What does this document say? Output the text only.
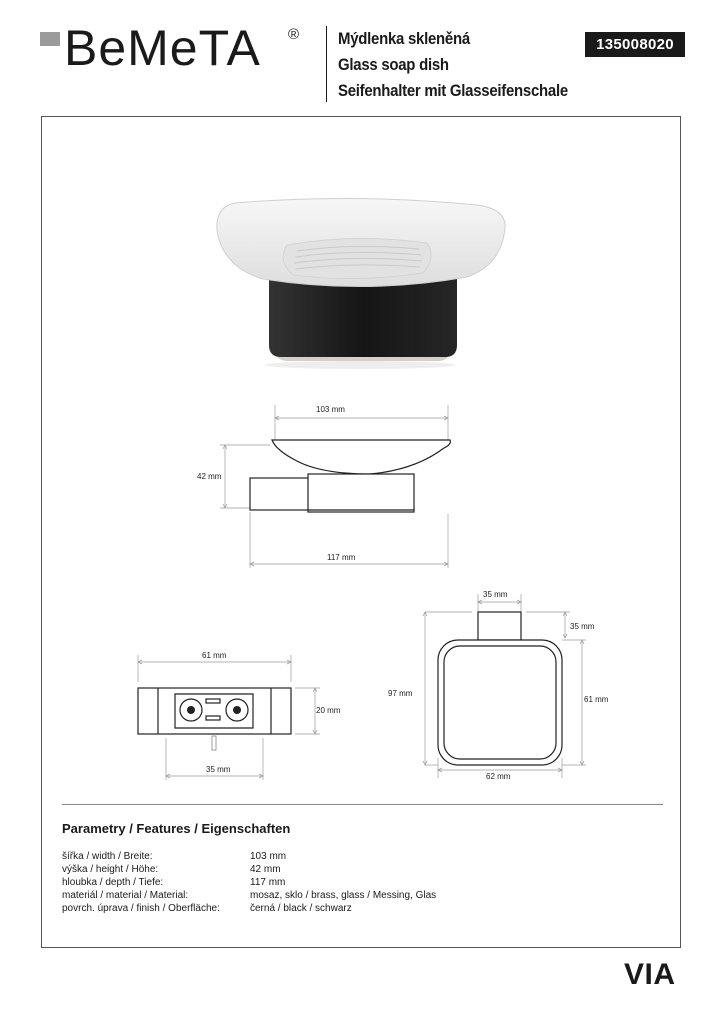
BeMeTA ® Mýdlenka skleněná
Glass soap dish
Seifenhalter mit Glasseifenschale
135008020
103 mm
42 mm
117 mm
35 mm
35 mm
97 mm
61 mm
62 mm
61 mm
20 mm
35 mm
Parametry / Features / Eigenschaften
šířka / width / Breite:	103 mm
výška / height / Höhe:	42 mm
hloubka / depth / Tiefe:	117 mm
materiál / material / Material:	mosaz, sklo / brass, glass / Messing, Glas
povrch. úprava / finish / Oberfläche:	černá / black / schwarz
VIA
